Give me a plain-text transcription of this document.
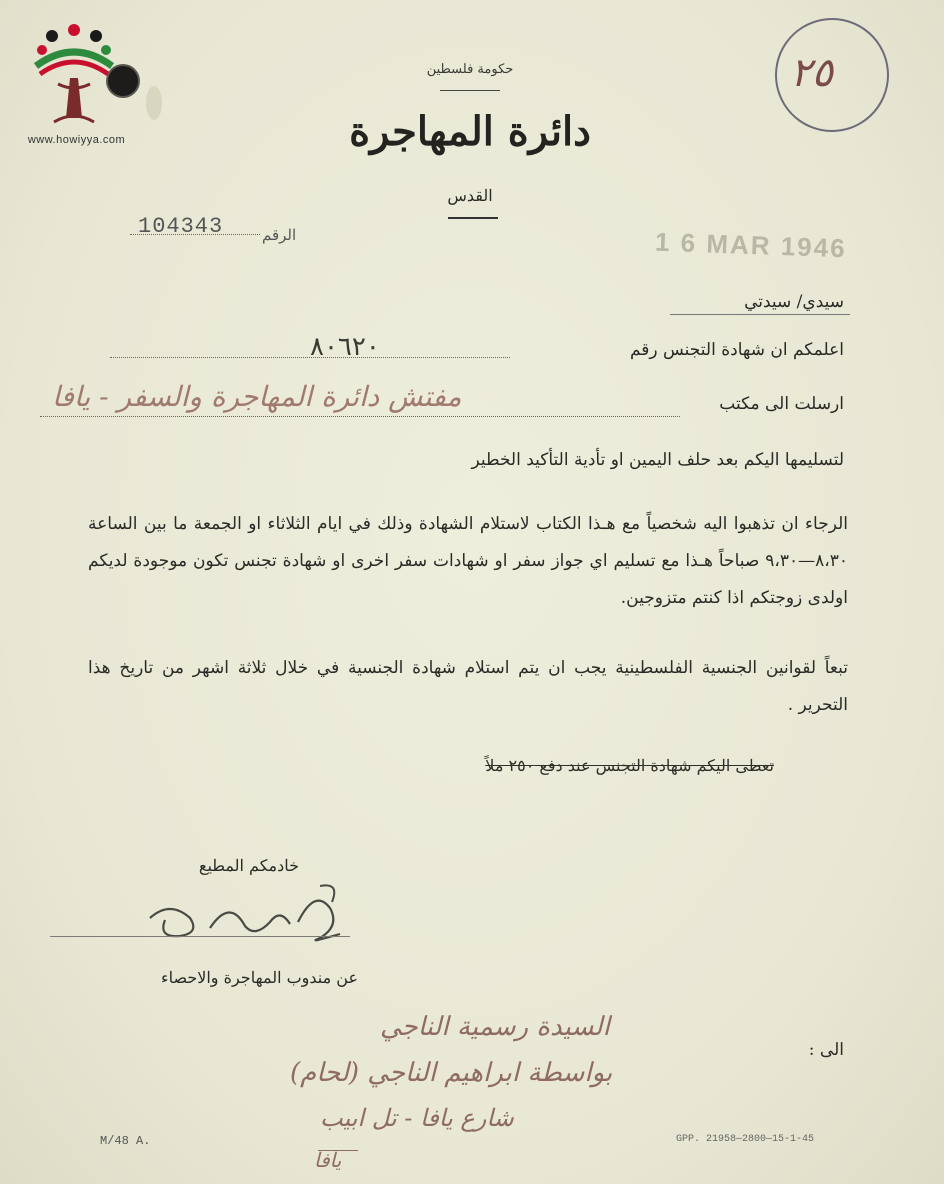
www.howiyya.com
حكومة فلسطين
دائرة المهاجرة
القدس
الرقم
104343
1 6 MAR 1946
٢٥
سيدي/ سيدتي
اعلمكم ان شهادة التجنس رقم
٨٠٦٢٠
ارسلت الى مكتب
مفتش دائرة المهاجرة والسفر - يافا
لتسليمها اليكم بعد حلف اليمين او تأدية التأكيد الخطير
الرجاء ان تذهبوا اليه شخصياً مع هـذا الكتاب لاستلام الشهادة وذلك في ايام الثلاثاء او الجمعة ما بين الساعة ٨،٣٠—٩،٣٠ صباحاً هـذا مع تسليم اي جواز سفر او شهادات سفر اخرى او شهادة تجنس تكون موجودة لديكم اولدى زوجتكم اذا كنتم متزوجين.
تبعاً لقوانين الجنسية الفلسطينية يجب ان يتم استلام شهادة الجنسية في خلال ثلاثة اشهر من تاريخ هذا التحرير .
تعطى اليكم شهادة التجنس عند دفع ٢٥٠ ملاً
خادمكم المطيع
عن مندوب المهاجرة والاحصاء
الى :
السيدة رسمية الناجي
بواسطة ابراهيم الناجي (لحام)
شارع يافا - تل ابيب
يافا
M/48 A.	GPP. 21958—2800—15-1-45
